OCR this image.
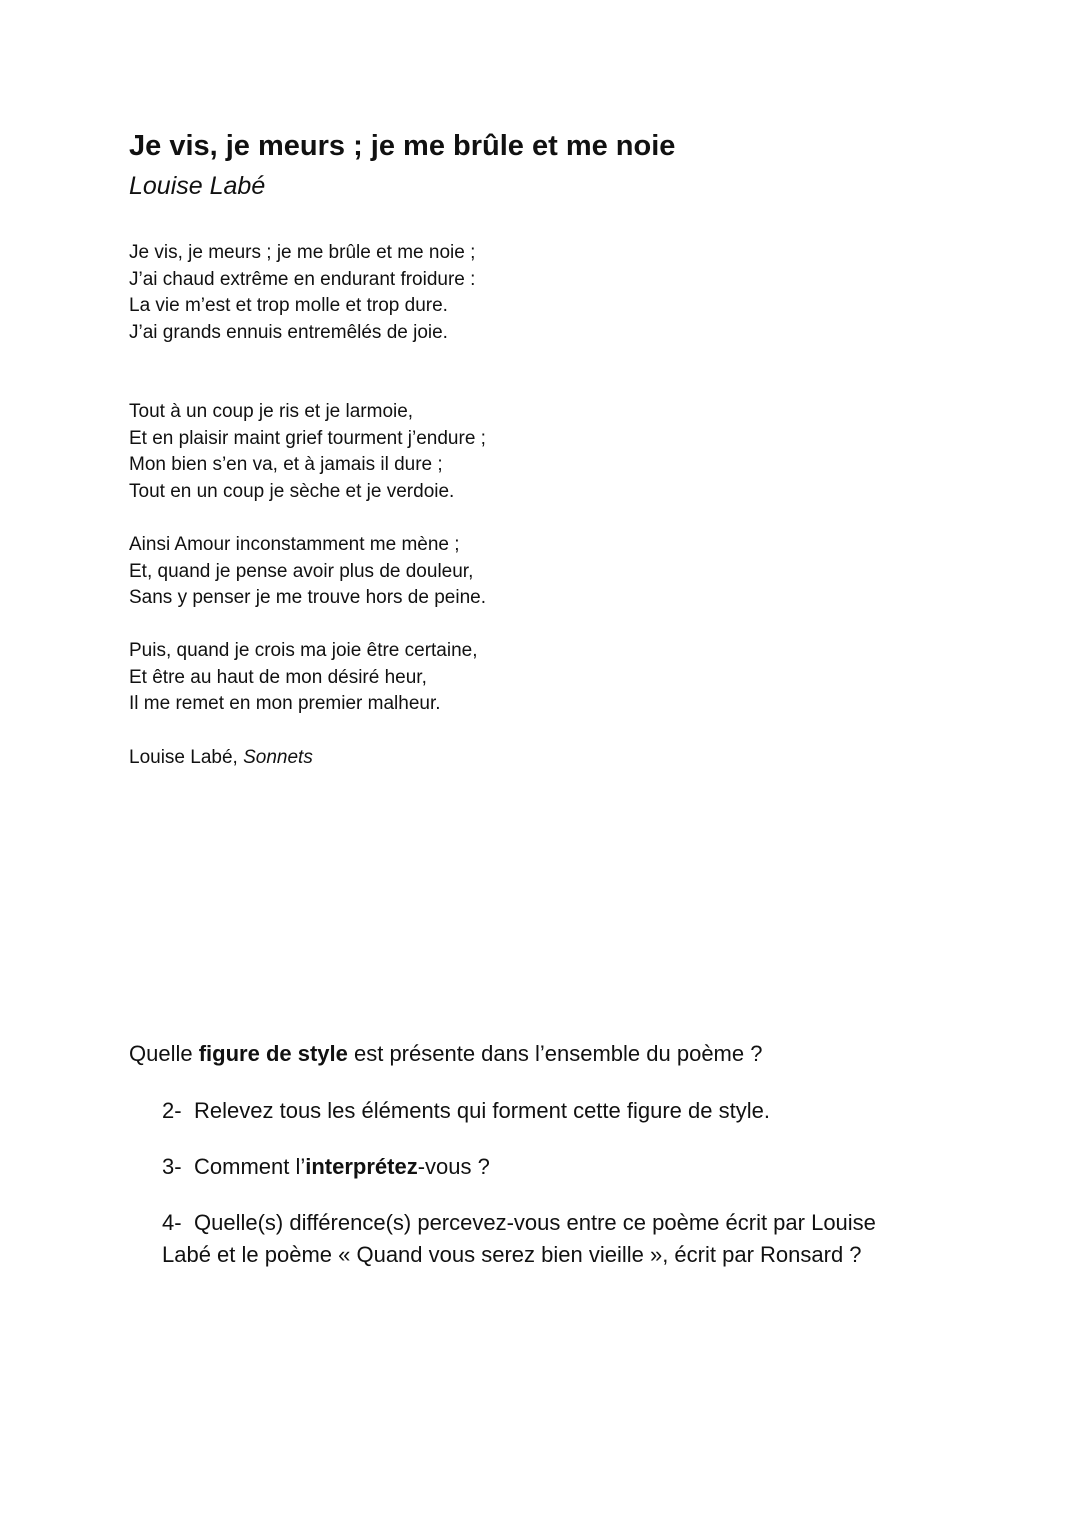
Je vis, je meurs ; je me brûle et me noie
Louise Labé
Je vis, je meurs ; je me brûle et me noie ;
J’ai chaud extrême en endurant froidure :
La vie m’est et trop molle et trop dure.
J’ai grands ennuis entremêlés de joie.
Tout à un coup je ris et je larmoie,
Et en plaisir maint grief tourment j’endure ;
Mon bien s’en va, et à jamais il dure ;
Tout en un coup je sèche et je verdoie.
Ainsi Amour inconstamment me mène ;
Et, quand je pense avoir plus de douleur,
Sans y penser je me trouve hors de peine.
Puis, quand je crois ma joie être certaine,
Et être au haut de mon désiré heur,
Il me remet en mon premier malheur.
Louise Labé, Sonnets
Quelle figure de style est présente dans l’ensemble du poème ?
2- Relevez tous les éléments qui forment cette figure de style.
3- Comment l’interprétez-vous ?
4- Quelle(s) différence(s) percevez-vous entre ce poème écrit par Louise
Labé et le poème « Quand vous serez bien vieille », écrit par Ronsard ?
